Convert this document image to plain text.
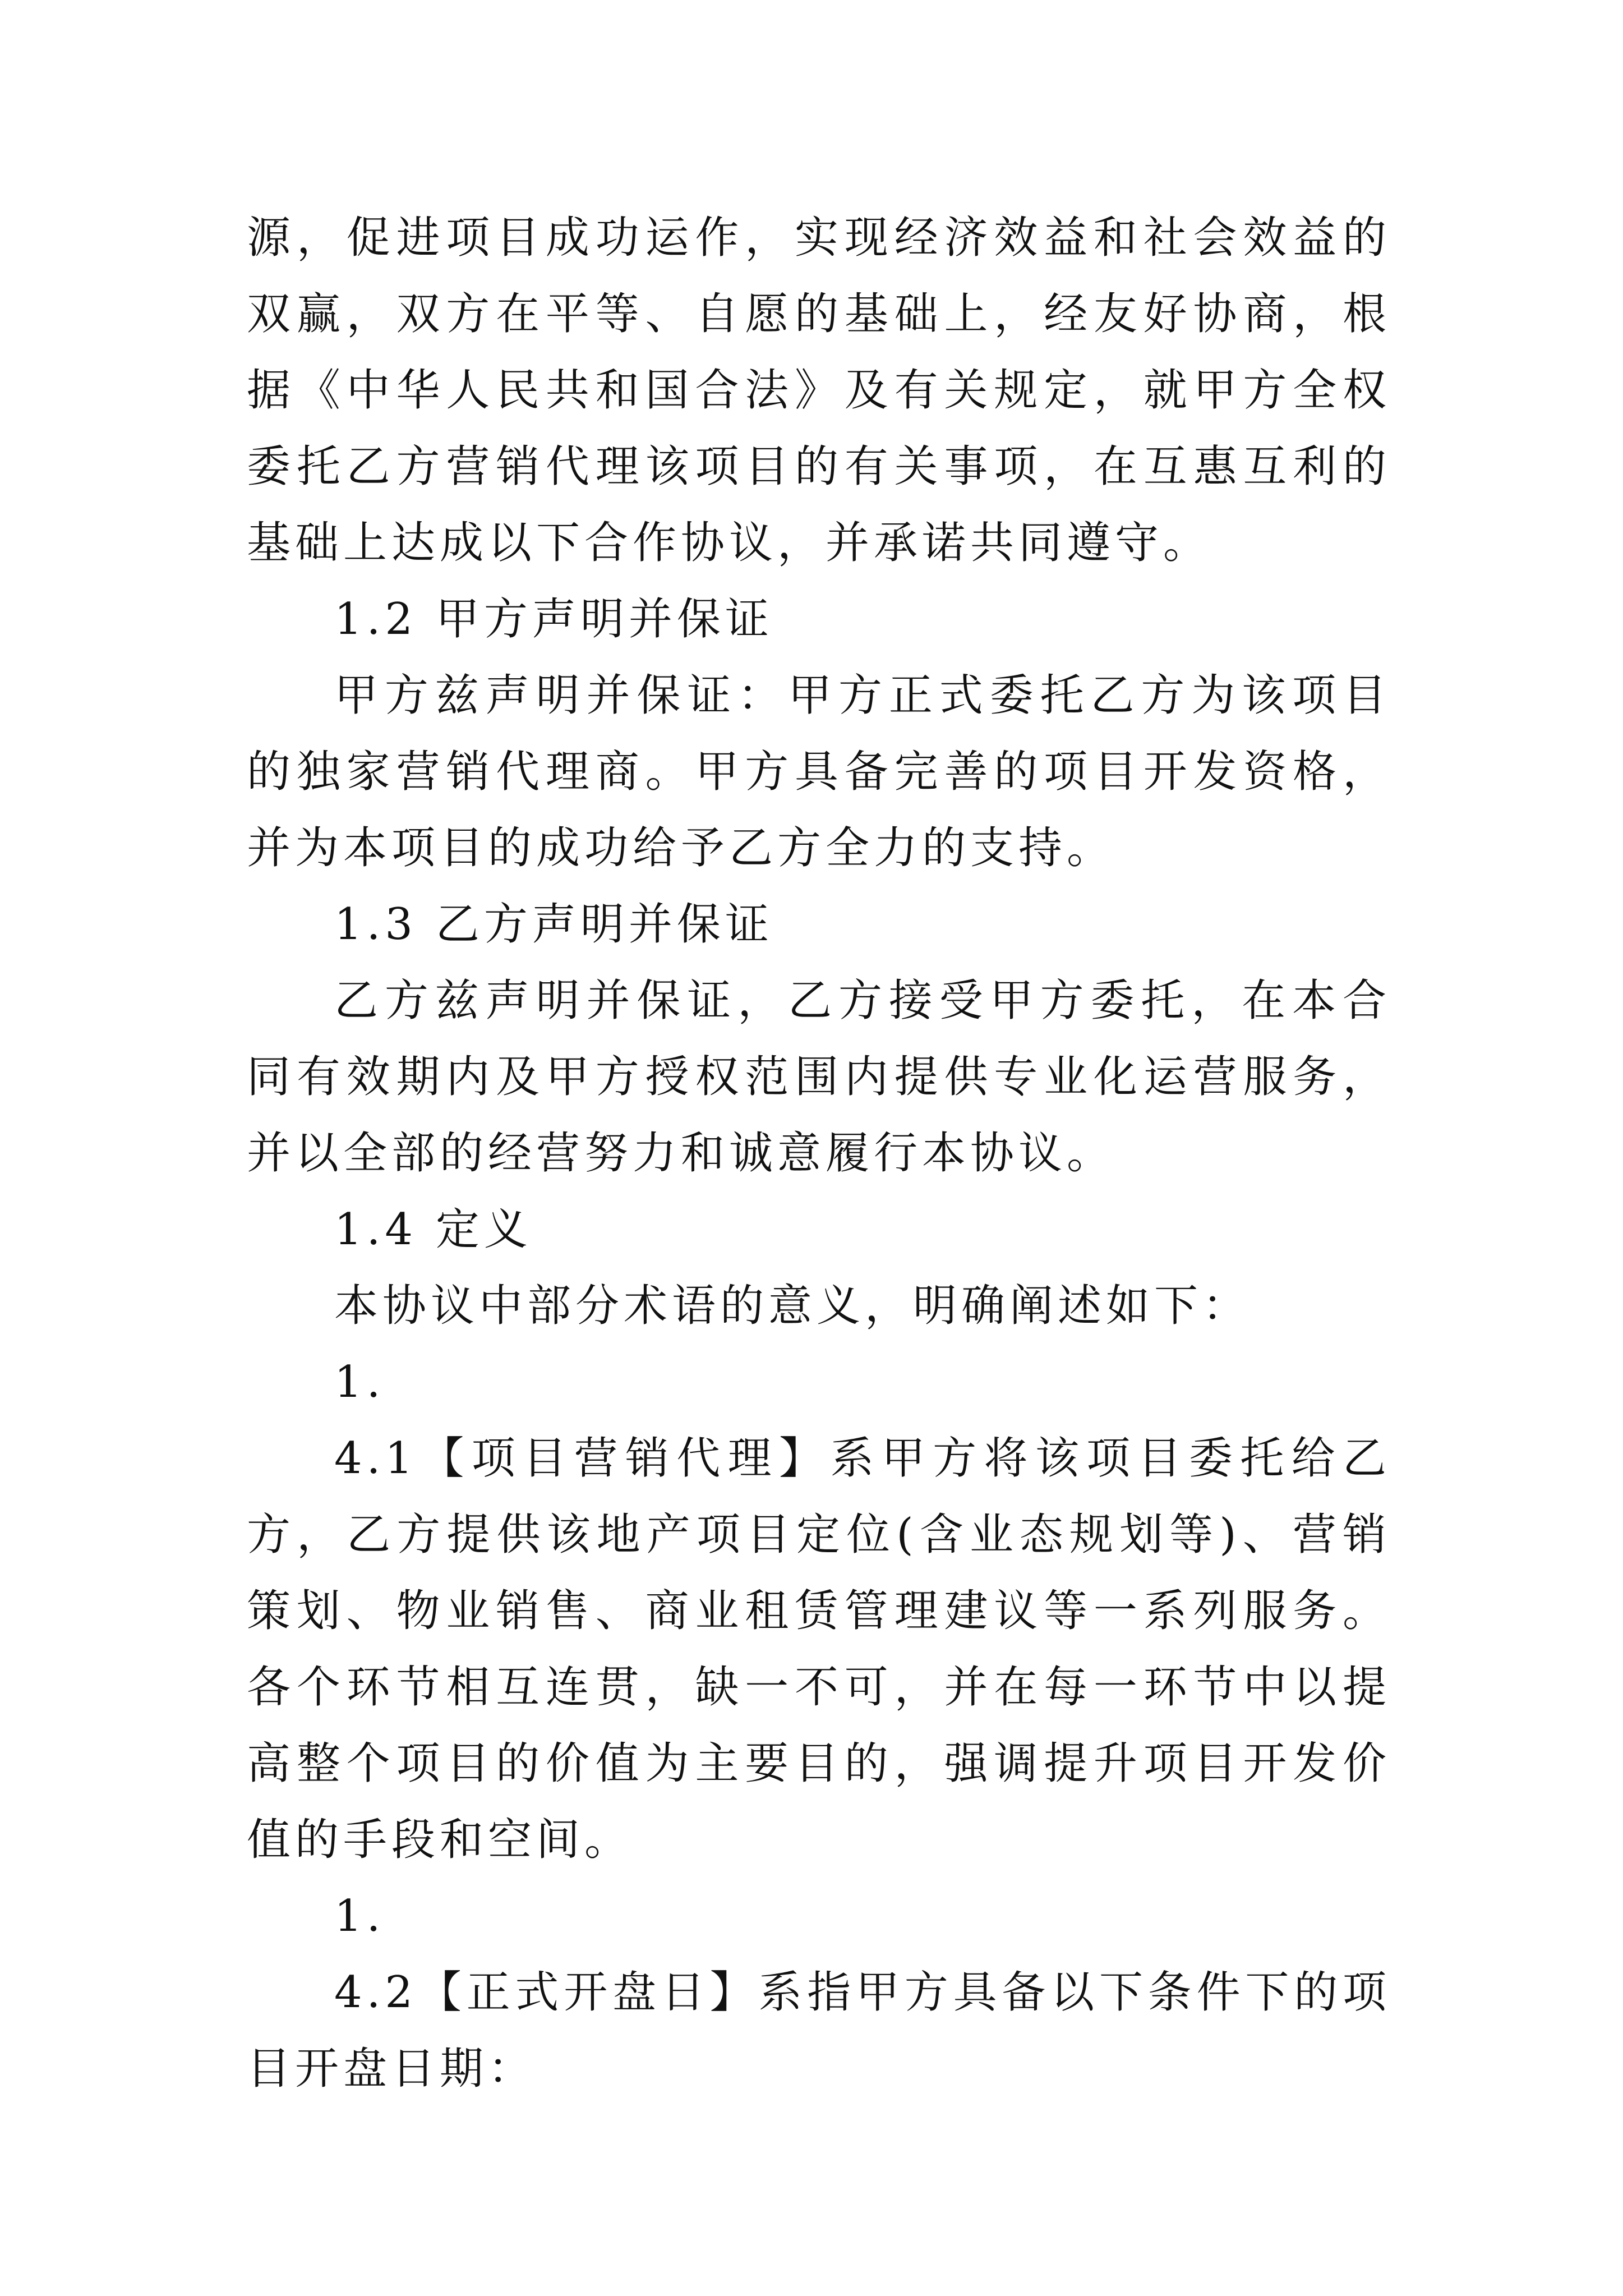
源，促进项目成功运作，实现经济效益和社会效益的双赢，双方在平等、自愿的基础上，经友好协商，根据《中华人民共和国合法》及有关规定，就甲方全权委托乙方营销代理该项目的有关事项，在互惠互利的基础上达成以下合作协议，并承诺共同遵守。

1.2 甲方声明并保证

甲方兹声明并保证：甲方正式委托乙方为该项目的独家营销代理商。甲方具备完善的项目开发资格，并为本项目的成功给予乙方全力的支持。

1.3 乙方声明并保证

乙方兹声明并保证，乙方接受甲方委托，在本合同有效期内及甲方授权范围内提供专业化运营服务，并以全部的经营努力和诚意履行本协议。

1.4 定义

本协议中部分术语的意义，明确阐述如下：

1.

4.1【项目营销代理】系甲方将该项目委托给乙方，乙方提供该地产项目定位(含业态规划等)、营销策划、物业销售、商业租赁管理建议等一系列服务。各个环节相互连贯，缺一不可，并在每一环节中以提高整个项目的价值为主要目的，强调提升项目开发价值的手段和空间。

1.

4.2【正式开盘日】系指甲方具备以下条件下的项目开盘日期：
